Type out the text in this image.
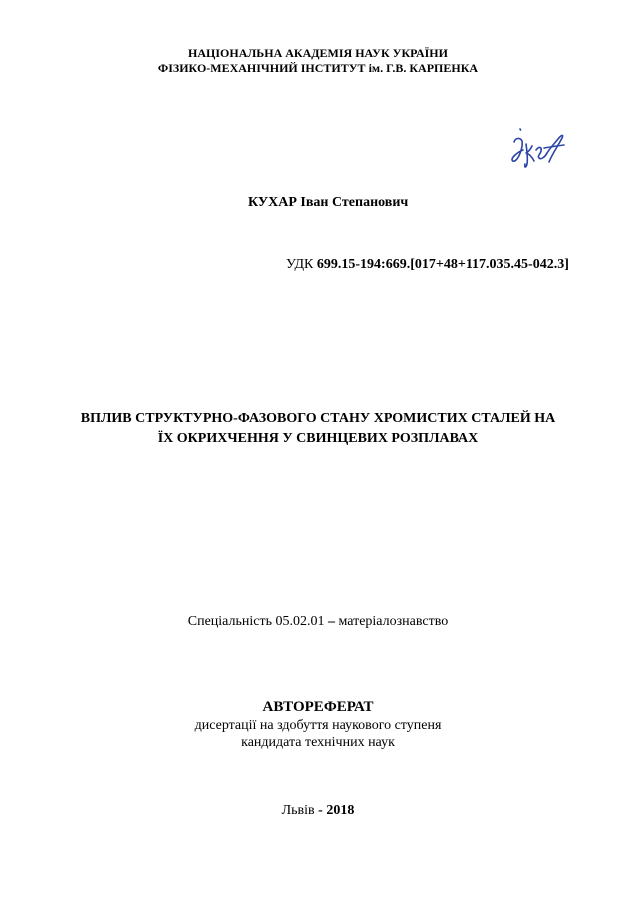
НАЦІОНАЛЬНА АКАДЕМІЯ НАУК УКРАЇНИ
ФІЗИКО-МЕХАНІЧНИЙ ІНСТИТУТ ім. Г.В. КАРПЕНКА
КУХАР Іван Степанович
УДК 699.15-194:669.[017+48+117.035.45-042.3]
ВПЛИВ СТРУКТУРНО-ФАЗОВОГО СТАНУ ХРОМИСТИХ СТАЛЕЙ НА
ЇХ ОКРИХЧЕННЯ У СВИНЦЕВИХ РОЗПЛАВАХ
Спеціальність 05.02.01 – матеріалознавство
АВТОРЕФЕРАТ
дисертації на здобуття наукового ступеня
кандидата технічних наук
Львів - 2018
